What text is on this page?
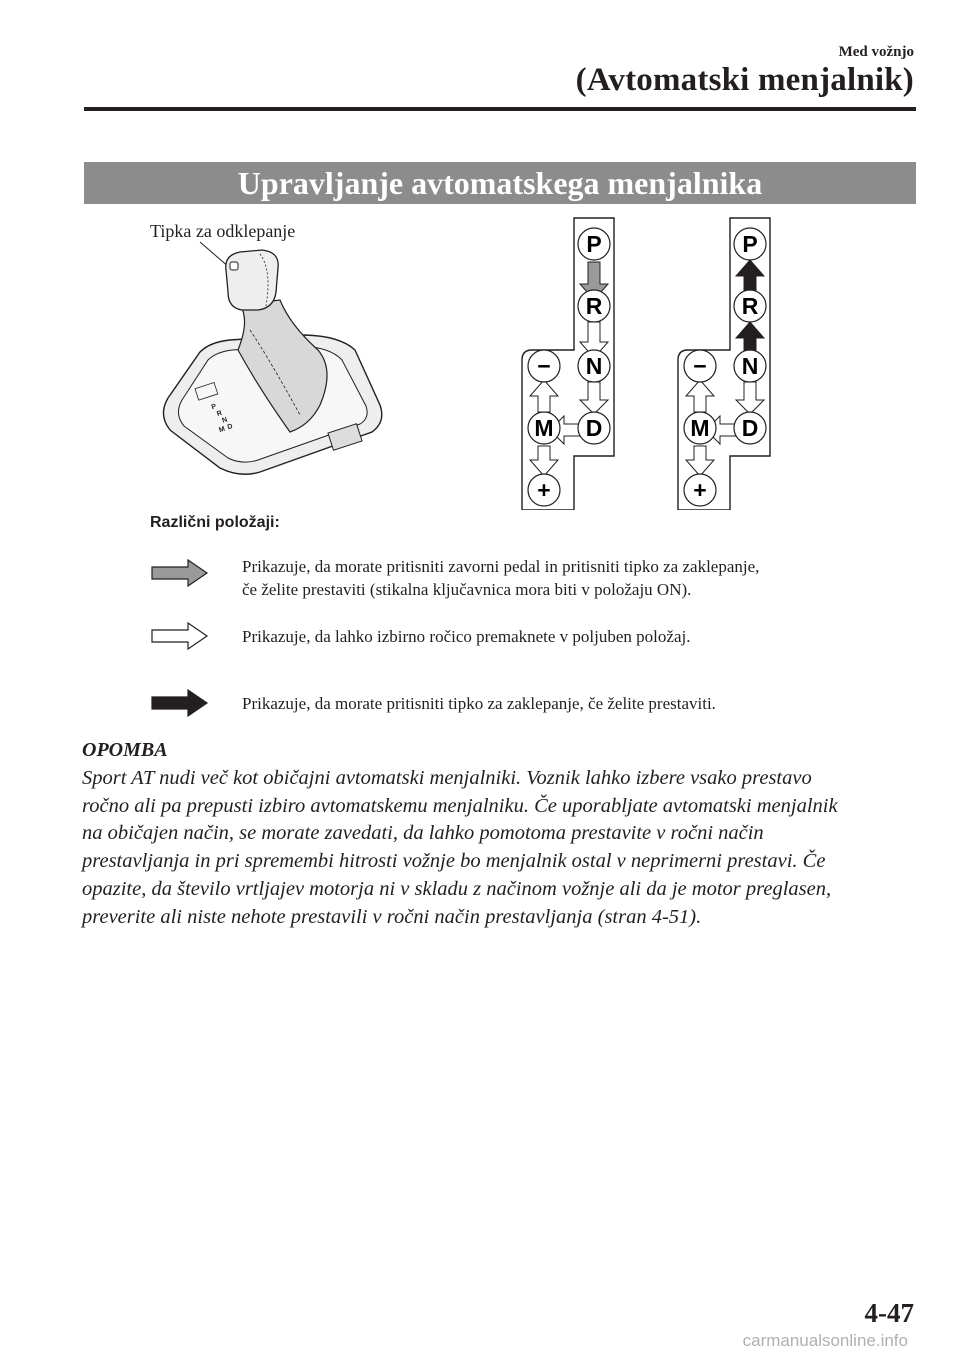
Med vožnjo
(Avtomatski menjalnik)
Upravljanje avtomatskega menjalnika
Tipka za odklepanje
P
R
N
D
M
P
R
N
D
M
−
+
P
R
N
D
M
−
+
Različni položaji:
Prikazuje, da morate pritisniti zavorni pedal in pritisniti tipko za zaklepanje,
če želite prestaviti (stikalna ključavnica mora biti v položaju ON).
Prikazuje, da lahko izbirno ročico premaknete v poljuben položaj.
Prikazuje, da morate pritisniti tipko za zaklepanje, če želite prestaviti.
OPOMBA
Sport AT nudi več kot običajni avtomatski menjalniki. Voznik lahko izbere vsako prestavo
ročno ali pa prepusti izbiro avtomatskemu menjalniku. Če uporabljate avtomatski menjalnik
na običajen način, se morate zavedati, da lahko pomotoma prestavite v ročni način
prestavljanja in pri spremembi hitrosti vožnje bo menjalnik ostal v neprimerni prestavi. Če
opazite, da število vrtljajev motorja ni v skladu z načinom vožnje ali da je motor preglasen,
preverite ali niste nehote prestavili v ročni način prestavljanja (stran 4-51).
4-47
carmanualsonline.info
